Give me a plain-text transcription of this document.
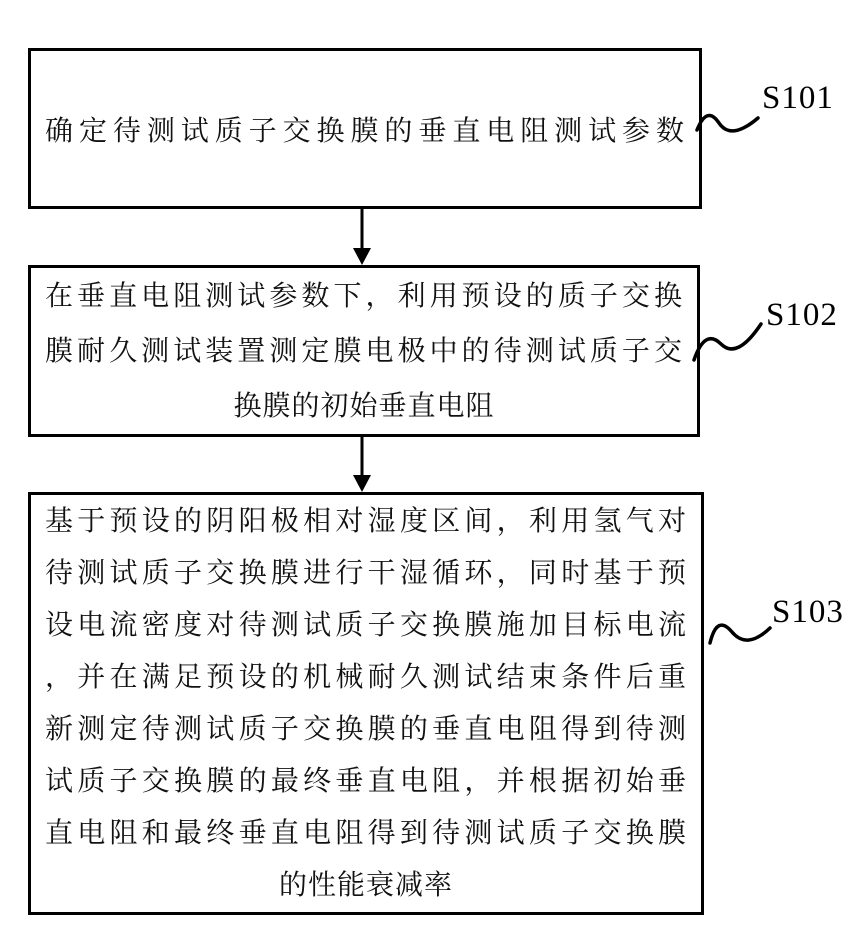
确定待测试质子交换膜的垂直电阻测试参数
在垂直电阻测试参数下，利用预设的质子交换
膜耐久测试装置测定膜电极中的待测试质子交
换膜的初始垂直电阻
基于预设的阴阳极相对湿度区间，利用氢气对
待测试质子交换膜进行干湿循环，同时基于预
设电流密度对待测试质子交换膜施加目标电流
，并在满足预设的机械耐久测试结束条件后重
新测定待测试质子交换膜的垂直电阻得到待测
试质子交换膜的最终垂直电阻，并根据初始垂
直电阻和最终垂直电阻得到待测试质子交换膜
的性能衰减率
S101
S102
S103
